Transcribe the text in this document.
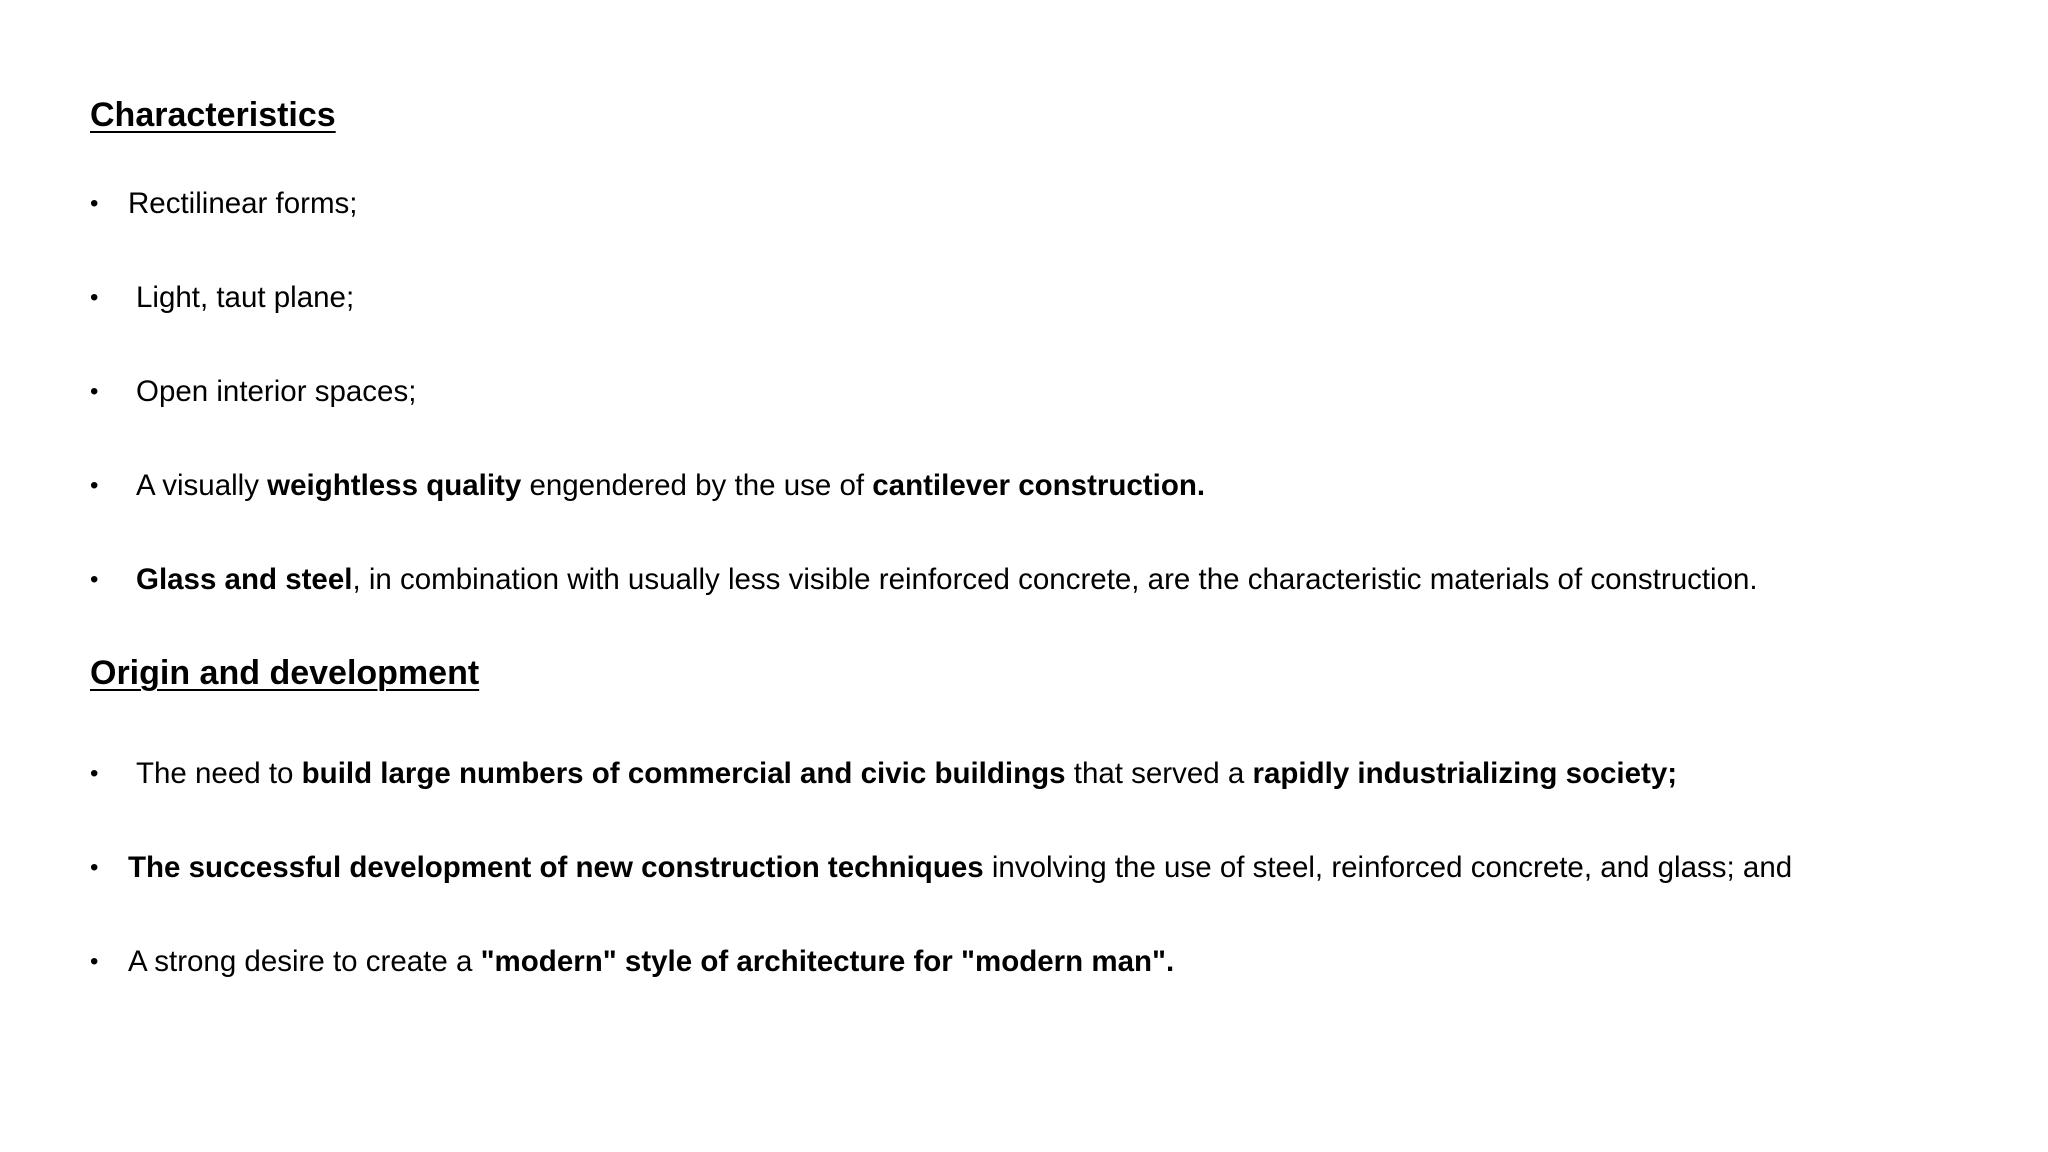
Characteristics
• Rectilinear forms;
• Light, taut plane;
• Open interior spaces;
• A visually weightless quality engendered by the use of cantilever construction.
• Glass and steel, in combination with usually less visible reinforced concrete, are the characteristic materials of construction.
Origin and development
• The need to build large numbers of commercial and civic buildings that served a rapidly industrializing society;
• The successful development of new construction techniques involving the use of steel, reinforced concrete, and glass; and
• A strong desire to create a "modern" style of architecture for "modern man".
